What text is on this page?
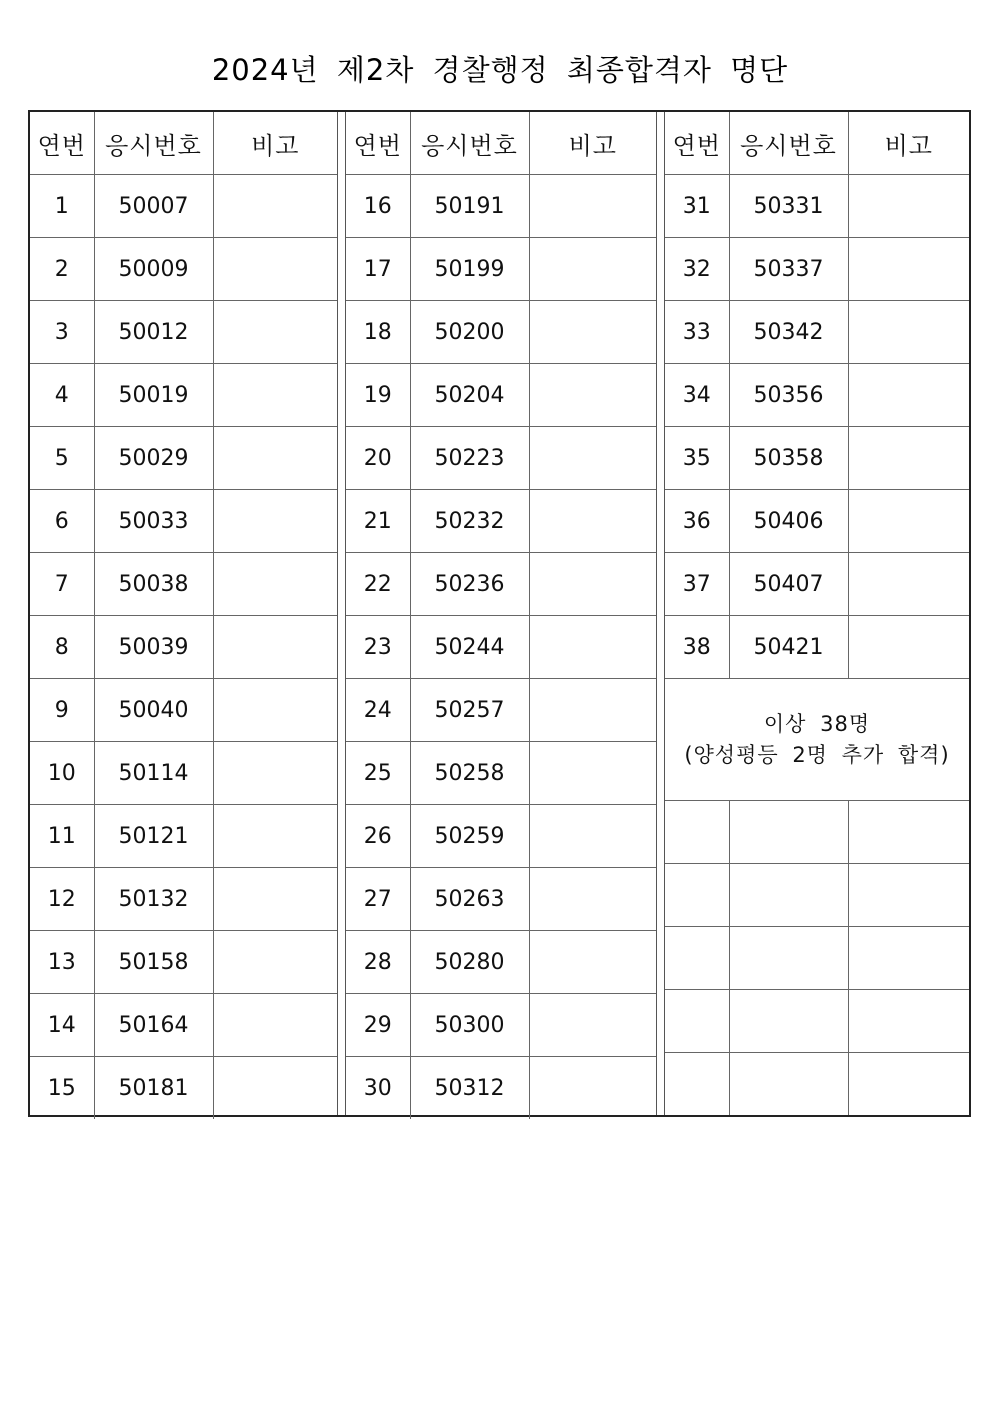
2024년 제2차 경찰행정 최종합격자 명단
연번	응시번호	비고
1	50007	
2	50009	
3	50012	
4	50019	
5	50029	
6	50033	
7	50038	
8	50039	
9	50040	
10	50114	
11	50121	
12	50132	
13	50158	
14	50164	
15	50181	
연번	응시번호	비고
16	50191	
17	50199	
18	50200	
19	50204	
20	50223	
21	50232	
22	50236	
23	50244	
24	50257	
25	50258	
26	50259	
27	50263	
28	50280	
29	50300	
30	50312	
연번	응시번호	비고
31	50331	
32	50337	
33	50342	
34	50356	
35	50358	
36	50406	
37	50407	
38	50421	

이상 38명
(양성평등 2명 추가 합격)		
